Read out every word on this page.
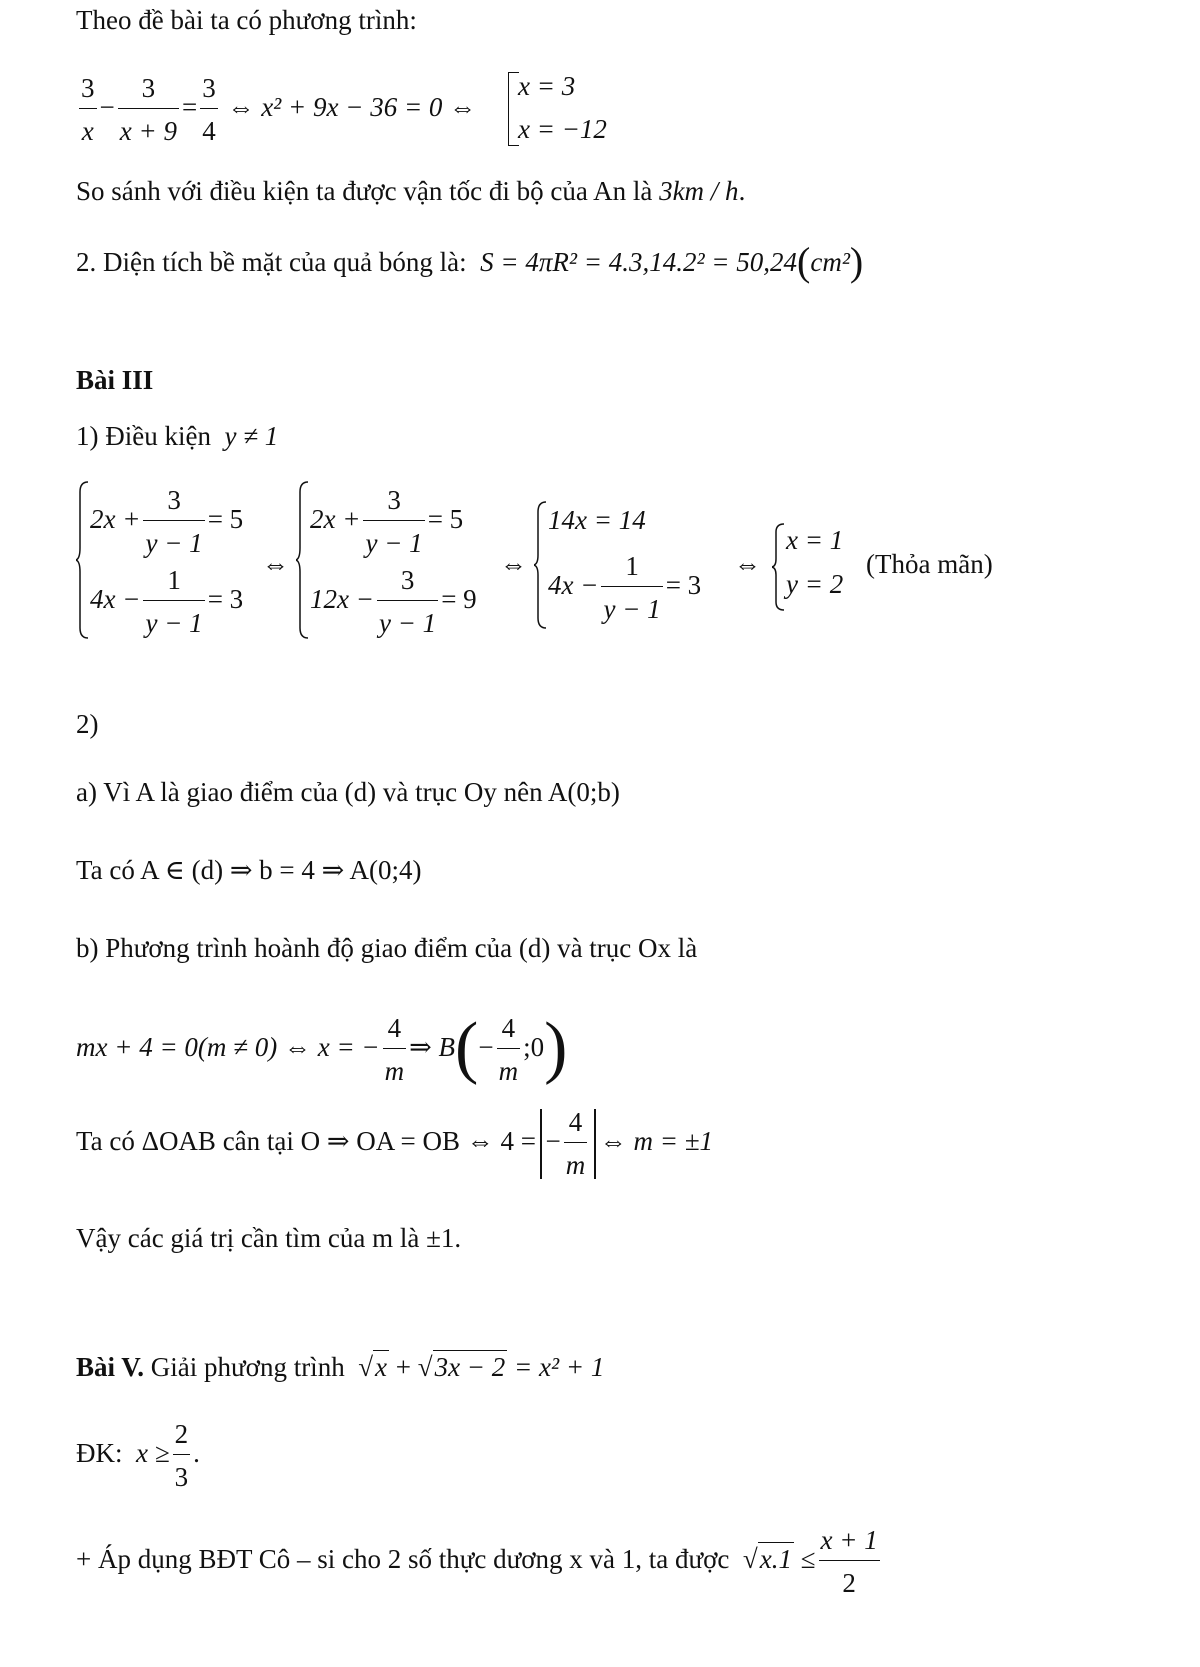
Theo đề bài ta có phương trình:
$\frac{3}{x} - \frac{3}{x + 9} = \frac{3}{4}$ ⇔ x² + 9x − 36 = 0 ⇔
x = 3
x = −12
So sánh với điều kiện ta được vận tốc đi bộ của An là 3km / h.
2. Diện tích bề mặt của quả bóng là: S = 4πR² = 4.3,14.2² = 50,24(cm²)
Bài III
1) Điều kiện y ≠ 1
$2x + \frac{3}{y - 1} = 5$
$4x - \frac{1}{y - 1} = 3$
⇔
$2x + \frac{3}{y - 1} = 5$
$12x - \frac{3}{y - 1} = 9$
⇔
14x = 14
$4x - \frac{1}{y - 1} = 3$
⇔
x = 1
y = 2
(Thỏa mãn)
2)
a) Vì A là giao điểm của (d) và trục Oy nên A(0;b)
Ta có A ∈ (d) ⇒ b = 4 ⇒ A(0;4)
b) Phương trình hoành độ giao điểm của (d) và trục Ox là
mx + 4 = 0(m ≠ 0) ⇔ x = − $\frac{4}{m}$ ⇒ $B(- \frac{4}{m}$ ;0)
Ta có ΔOAB cân tại O ⇒ OA = OB ⇔ 4 = − $\frac{4}{m}$ ⇔ m = ±1
Vậy các giá trị cần tìm của m là ±1.
Bài V. Giải phương trình √x + √3x − 2 = x² + 1
ĐK: $x \ge \frac{2}{3}$ .
+ Áp dụng BĐT Cô – si cho 2 số thực dương x và 1, ta được $√x.1 \le \frac{x + 1}{2}$
